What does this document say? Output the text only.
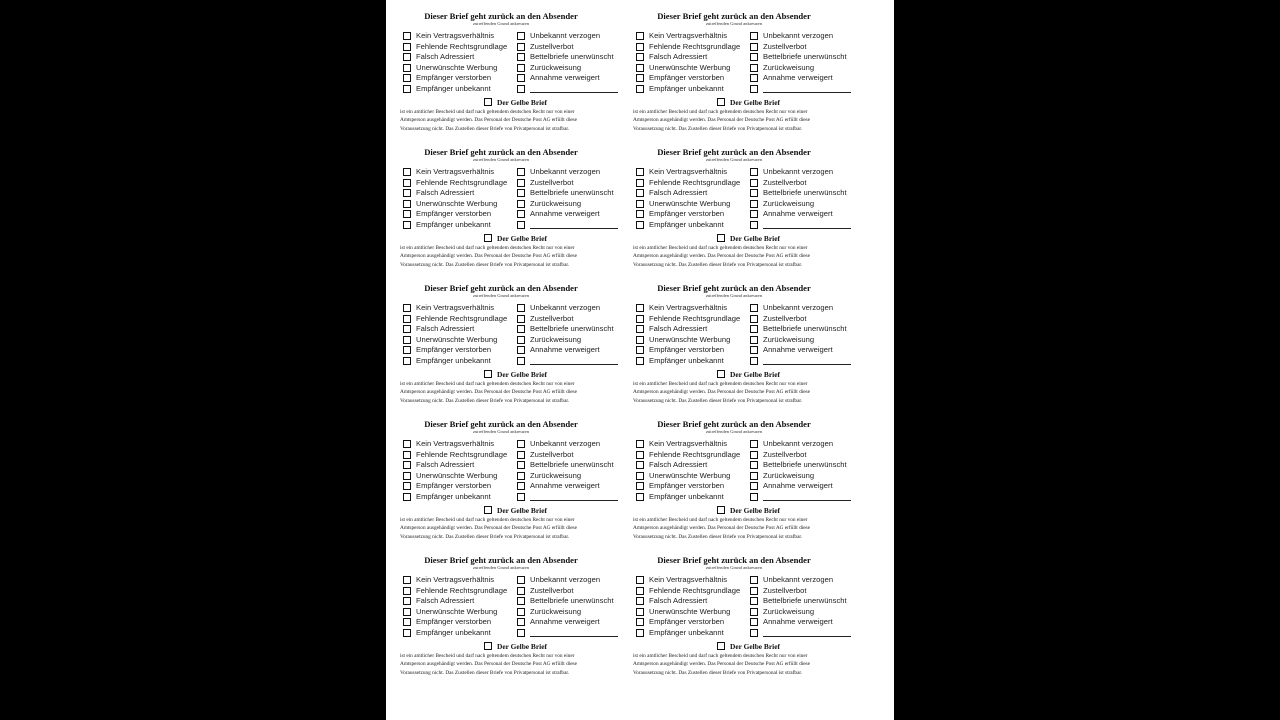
Dieser Brief geht zurück an den Absender
zutreffenden Grund ankreuzen
Kein Vertragsverhältnis
Fehlende Rechtsgrundlage
Falsch Adressiert
Unerwünschte Werbung
Empfänger verstorben
Empfänger unbekannt
Unbekannt verzogen
Zustellverbot
Bettelbriefe unerwünscht
Zurückweisung
Annahme verweigert
Der Gelbe Brief
ist ein amtlicher Bescheid und darf nach geltendem deutschen Recht nur von einer
Amtsperson ausgehändigt werden. Das Personal der Deutsche Post AG erfüllt diese
Voraussetzung nicht. Das Zustellen dieser Briefe von Privatpersonal ist strafbar.
Dieser Brief geht zurück an den Absender
zutreffenden Grund ankreuzen
Kein Vertragsverhältnis
Fehlende Rechtsgrundlage
Falsch Adressiert
Unerwünschte Werbung
Empfänger verstorben
Empfänger unbekannt
Unbekannt verzogen
Zustellverbot
Bettelbriefe unerwünscht
Zurückweisung
Annahme verweigert
Der Gelbe Brief
ist ein amtlicher Bescheid und darf nach geltendem deutschen Recht nur von einer
Amtsperson ausgehändigt werden. Das Personal der Deutsche Post AG erfüllt diese
Voraussetzung nicht. Das Zustellen dieser Briefe von Privatpersonal ist strafbar.
Dieser Brief geht zurück an den Absender
zutreffenden Grund ankreuzen
Kein Vertragsverhältnis
Fehlende Rechtsgrundlage
Falsch Adressiert
Unerwünschte Werbung
Empfänger verstorben
Empfänger unbekannt
Unbekannt verzogen
Zustellverbot
Bettelbriefe unerwünscht
Zurückweisung
Annahme verweigert
Der Gelbe Brief
ist ein amtlicher Bescheid und darf nach geltendem deutschen Recht nur von einer
Amtsperson ausgehändigt werden. Das Personal der Deutsche Post AG erfüllt diese
Voraussetzung nicht. Das Zustellen dieser Briefe von Privatpersonal ist strafbar.
Dieser Brief geht zurück an den Absender
zutreffenden Grund ankreuzen
Kein Vertragsverhältnis
Fehlende Rechtsgrundlage
Falsch Adressiert
Unerwünschte Werbung
Empfänger verstorben
Empfänger unbekannt
Unbekannt verzogen
Zustellverbot
Bettelbriefe unerwünscht
Zurückweisung
Annahme verweigert
Der Gelbe Brief
ist ein amtlicher Bescheid und darf nach geltendem deutschen Recht nur von einer
Amtsperson ausgehändigt werden. Das Personal der Deutsche Post AG erfüllt diese
Voraussetzung nicht. Das Zustellen dieser Briefe von Privatpersonal ist strafbar.
Dieser Brief geht zurück an den Absender
zutreffenden Grund ankreuzen
Kein Vertragsverhältnis
Fehlende Rechtsgrundlage
Falsch Adressiert
Unerwünschte Werbung
Empfänger verstorben
Empfänger unbekannt
Unbekannt verzogen
Zustellverbot
Bettelbriefe unerwünscht
Zurückweisung
Annahme verweigert
Der Gelbe Brief
ist ein amtlicher Bescheid und darf nach geltendem deutschen Recht nur von einer
Amtsperson ausgehändigt werden. Das Personal der Deutsche Post AG erfüllt diese
Voraussetzung nicht. Das Zustellen dieser Briefe von Privatpersonal ist strafbar.
Dieser Brief geht zurück an den Absender
zutreffenden Grund ankreuzen
Kein Vertragsverhältnis
Fehlende Rechtsgrundlage
Falsch Adressiert
Unerwünschte Werbung
Empfänger verstorben
Empfänger unbekannt
Unbekannt verzogen
Zustellverbot
Bettelbriefe unerwünscht
Zurückweisung
Annahme verweigert
Der Gelbe Brief
ist ein amtlicher Bescheid und darf nach geltendem deutschen Recht nur von einer
Amtsperson ausgehändigt werden. Das Personal der Deutsche Post AG erfüllt diese
Voraussetzung nicht. Das Zustellen dieser Briefe von Privatpersonal ist strafbar.
Dieser Brief geht zurück an den Absender
zutreffenden Grund ankreuzen
Kein Vertragsverhältnis
Fehlende Rechtsgrundlage
Falsch Adressiert
Unerwünschte Werbung
Empfänger verstorben
Empfänger unbekannt
Unbekannt verzogen
Zustellverbot
Bettelbriefe unerwünscht
Zurückweisung
Annahme verweigert
Der Gelbe Brief
ist ein amtlicher Bescheid und darf nach geltendem deutschen Recht nur von einer
Amtsperson ausgehändigt werden. Das Personal der Deutsche Post AG erfüllt diese
Voraussetzung nicht. Das Zustellen dieser Briefe von Privatpersonal ist strafbar.
Dieser Brief geht zurück an den Absender
zutreffenden Grund ankreuzen
Kein Vertragsverhältnis
Fehlende Rechtsgrundlage
Falsch Adressiert
Unerwünschte Werbung
Empfänger verstorben
Empfänger unbekannt
Unbekannt verzogen
Zustellverbot
Bettelbriefe unerwünscht
Zurückweisung
Annahme verweigert
Der Gelbe Brief
ist ein amtlicher Bescheid und darf nach geltendem deutschen Recht nur von einer
Amtsperson ausgehändigt werden. Das Personal der Deutsche Post AG erfüllt diese
Voraussetzung nicht. Das Zustellen dieser Briefe von Privatpersonal ist strafbar.
Dieser Brief geht zurück an den Absender
zutreffenden Grund ankreuzen
Kein Vertragsverhältnis
Fehlende Rechtsgrundlage
Falsch Adressiert
Unerwünschte Werbung
Empfänger verstorben
Empfänger unbekannt
Unbekannt verzogen
Zustellverbot
Bettelbriefe unerwünscht
Zurückweisung
Annahme verweigert
Der Gelbe Brief
ist ein amtlicher Bescheid und darf nach geltendem deutschen Recht nur von einer
Amtsperson ausgehändigt werden. Das Personal der Deutsche Post AG erfüllt diese
Voraussetzung nicht. Das Zustellen dieser Briefe von Privatpersonal ist strafbar.
Dieser Brief geht zurück an den Absender
zutreffenden Grund ankreuzen
Kein Vertragsverhältnis
Fehlende Rechtsgrundlage
Falsch Adressiert
Unerwünschte Werbung
Empfänger verstorben
Empfänger unbekannt
Unbekannt verzogen
Zustellverbot
Bettelbriefe unerwünscht
Zurückweisung
Annahme verweigert
Der Gelbe Brief
ist ein amtlicher Bescheid und darf nach geltendem deutschen Recht nur von einer
Amtsperson ausgehändigt werden. Das Personal der Deutsche Post AG erfüllt diese
Voraussetzung nicht. Das Zustellen dieser Briefe von Privatpersonal ist strafbar.
